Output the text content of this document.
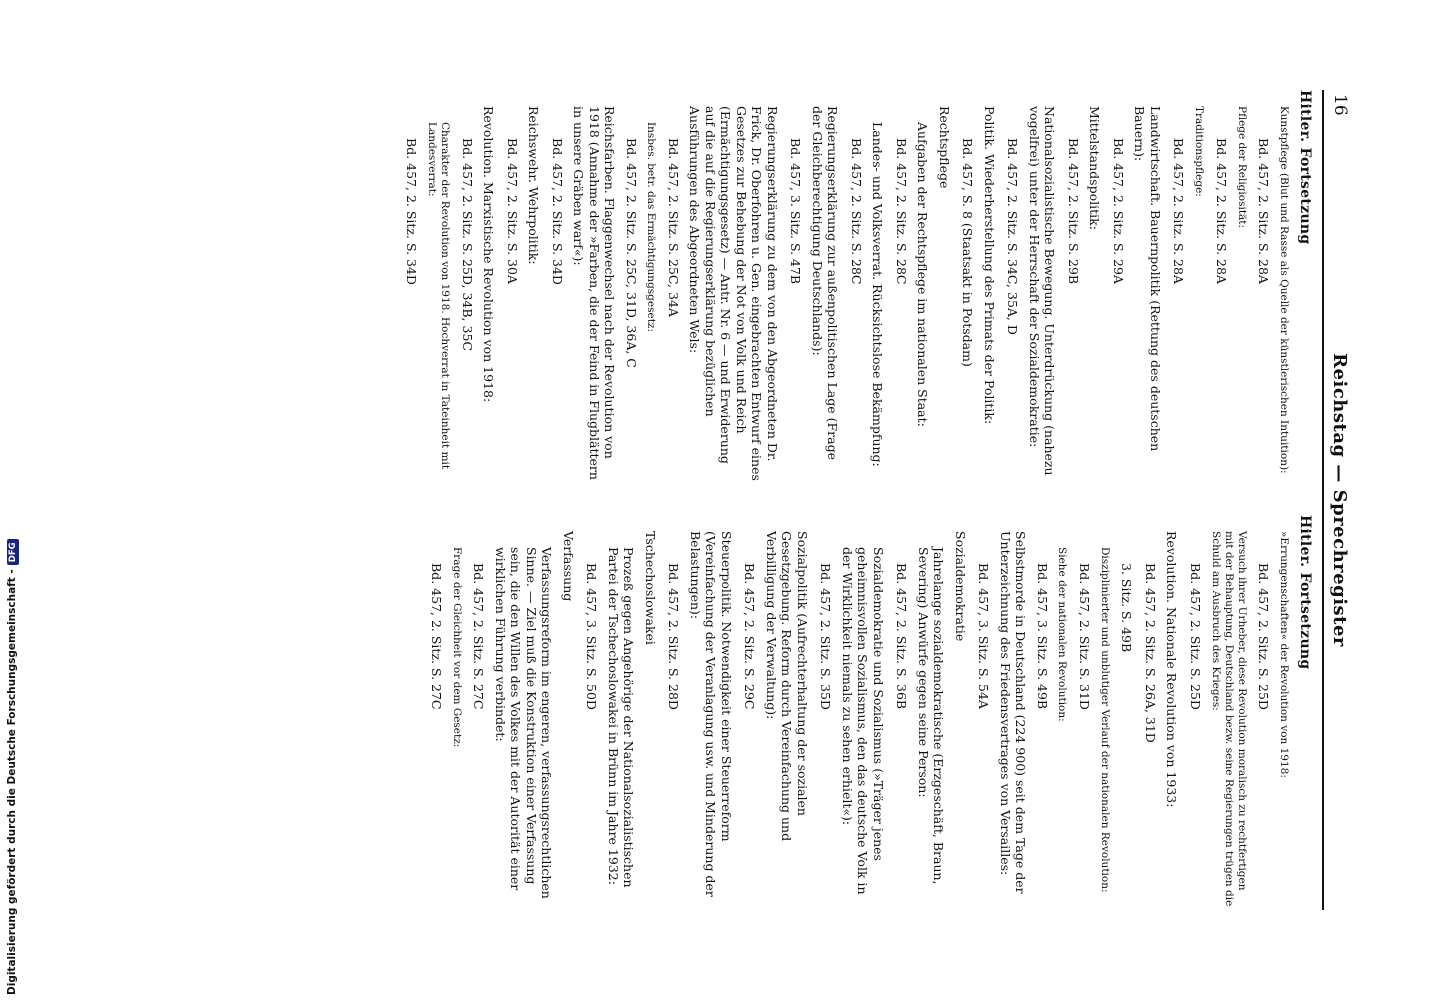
16
Reichstag — Sprechregister
Hitler. Fortsetzung
Kunstpflege (Blut und Rasse als Quelle der künstlerischen Intuition):
Bd. 457, 2. Sitz. S. 28A
Pflege der Religiosität:
Bd. 457, 2. Sitz. S. 28A
Traditionspflege:
Bd. 457, 2. Sitz. S. 28A
Landwirtschaft. Bauernpolitik (Rettung des deutschen Bauern):
Bd. 457, 2. Sitz. S. 29A
Mittelstandspolitik:
Bd. 457, 2. Sitz. S. 29B
Nationalsozialistische Bewegung. Unterdrückung (nahezu vogelfrei) unter der Herrschaft der Sozialdemokratie:
Bd. 457, 2. Sitz. S. 34C, 35A, D
Politik. Wiederherstellung des Primats der Politik:
Bd. 457, S. 8 (Staatsakt in Potsdam)
Rechtspflege
Aufgaben der Rechtspflege im nationalen Staat:
Bd. 457, 2. Sitz. S. 28C
Landes- und Volksverrat. Rücksichtslose Bekämpfung:
Bd. 457, 2. Sitz. S. 28C
Regierungserklärung zur außenpolitischen Lage (Frage der Gleichberechtigung Deutschlands):
Bd. 457, 3. Sitz. S. 47B
Regierungserklärung zu dem von den Abgeordneten Dr. Frick, Dr. Oberfohren u. Gen. eingebrachten Entwurf eines Gesetzes zur Behebung der Not von Volk und Reich (Ermächtigungsgesetz) — Antr. Nr. 6 — und Erwiderung auf die auf die Regierungserklärung bezüglichen Ausführungen des Abgeordneten Wels:
Bd. 457, 2. Sitz. S. 25C, 34A
Insbes. betr. das Ermächtigungsgesetz:
Bd. 457, 2. Sitz. S. 25C, 31D, 36A, C
Reichsfarben. Flaggenwechsel nach der Revolution von 1918 (Annahme der »Farben, die der Feind in Flugblättern in unsere Gräben warf«):
Bd. 457, 2. Sitz. S. 34D
Reichswehr. Wehrpolitik:
Bd. 457, 2. Sitz. S. 30A
Revolution. Marxistische Revolution von 1918:
Bd. 457, 2. Sitz. S. 25D, 34B, 35C
Charakter der Revolution von 1918. Hochverrat in Tateinheit mit Landesverrat:
Bd. 457, 2. Sitz. S. 34D
Hitler. Fortsetzung
»Errungenschaften« der Revolution von 1918:
Bd. 457, 2. Sitz. S. 25D
Versuch ihrer Urheber, diese Revolution moralisch zu rechtfertigen mit der Behauptung, Deutschland bezw. seine Regierungen trügen die Schuld am Ausbruch des Krieges:
Bd. 457, 2. Sitz. S. 25D
Revolution. Nationale Revolution von 1933:
Bd. 457, 2. Sitz. S. 26A, 31D
3. Sitz. S. 49B
Disziplinierter und unblutiger Verlauf der nationalen Revolution:
Bd. 457, 2. Sitz. S. 31D
Siehe der nationalen Revolution:
Bd. 457, 3. Sitz. S. 49B
Selbstmorde in Deutschland (224 900) seit dem Tage der Unterzeichnung des Friedensvertrages von Versailles:
Bd. 457, 3. Sitz. S. 54A
Sozialdemokratie
Jahrelange sozialdemokratische (Erzgeschäft, Braun, Severing) Anwürfe gegen seine Person:
Bd. 457, 2. Sitz. S. 36B
Sozialdemokratie und Sozialismus (»Träger jenes geheimnisvollen Sozialismus, den das deutsche Volk in der Wirklichkeit niemals zu sehen erhielt«):
Bd. 457, 2. Sitz. S. 35D
Sozialpolitik (Aufrechterhaltung der sozialen Gesetzgebung. Reform durch Vereinfachung und Verbilligung der Verwaltung):
Bd. 457, 2. Sitz. S. 29C
Steuerpolitik. Notwendigkeit einer Steuerreform (Vereinfachung der Veranlagung usw. und Minderung der Belastungen):
Bd. 457, 2. Sitz. S. 28D
Tschechoslowakei
Prozeß gegen Angehörige der Nationalsozialistischen Partei der Tschechoslowakei in Brünn im Jahre 1932:
Bd. 457, 3. Sitz. S. 50D
Verfassung
Verfassungsreform im engeren, verfassungsrechtlichen Sinne. — Ziel muß die Konstruktion einer Verfassung sein, die den Willen des Volkes mit der Autorität einer wirklichen Führung verbindet:
Bd. 457, 2. Sitz. S. 27C
Frage der Gleichheit vor dem Gesetz:
Bd. 457, 2. Sitz. S. 27C
Digitalisierung gefördert durch die Deutsche Forschungsgemeinschaft -DFG
